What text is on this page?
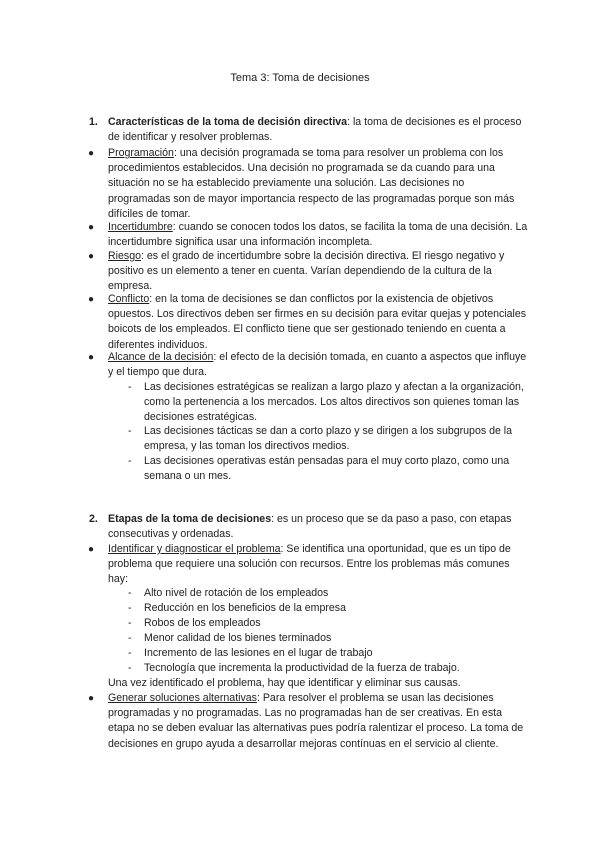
Tema 3: Toma de decisiones
1. Características de la toma de decisión directiva: la toma de decisiones es el proceso de identificar y resolver problemas.

● Programación: una decisión programada se toma para resolver un problema con los procedimientos establecidos. Una decisión no programada se da cuando para una situación no se ha establecido previamente una solución. Las decisiones no programadas son de mayor importancia respecto de las programadas porque son más difíciles de tomar.

● Incertidumbre: cuando se conocen todos los datos, se facilita la toma de una decisión. La incertidumbre significa usar una información incompleta.

● Riesgo: es el grado de incertidumbre sobre la decisión directiva. El riesgo negativo y positivo es un elemento a tener en cuenta. Varían dependiendo de la cultura de la empresa.

● Conflicto: en la toma de decisiones se dan conflictos por la existencia de objetivos opuestos. Los directivos deben ser firmes en su decisión para evitar quejas y potenciales boicots de los empleados. El conflicto tiene que ser gestionado teniendo en cuenta a diferentes individuos.

● Alcance de la decisión: el efecto de la decisión tomada, en cuanto a aspectos que influye y el tiempo que dura.

- Las decisiones estratégicas se realizan a largo plazo y afectan a la organización, como la pertenencia a los mercados. Los altos directivos son quienes toman las decisiones estratégicas.

- Las decisiones tácticas se dan a corto plazo y se dirigen a los subgrupos de la empresa, y las toman los directivos medios.

- Las decisiones operativas están pensadas para el muy corto plazo, como una semana o un mes.

2. Etapas de la toma de decisiones: es un proceso que se da paso a paso, con etapas consecutivas y ordenadas.

● Identificar y diagnosticar el problema: Se identifica una oportunidad, que es un tipo de problema que requiere una solución con recursos. Entre los problemas más comunes hay:

- Alto nivel de rotación de los empleados

- Reducción en los beneficios de la empresa

- Robos de los empleados

- Menor calidad de los bienes terminados

- Incremento de las lesiones en el lugar de trabajo

- Tecnología que incrementa la productividad de la fuerza de trabajo.

Una vez identificado el problema, hay que identificar y eliminar sus causas.

● Generar soluciones alternativas: Para resolver el problema se usan las decisiones programadas y no programadas. Las no programadas han de ser creativas. En esta etapa no se deben evaluar las alternativas pues podría ralentizar el proceso. La toma de decisiones en grupo ayuda a desarrollar mejoras contínuas en el servicio al cliente.
